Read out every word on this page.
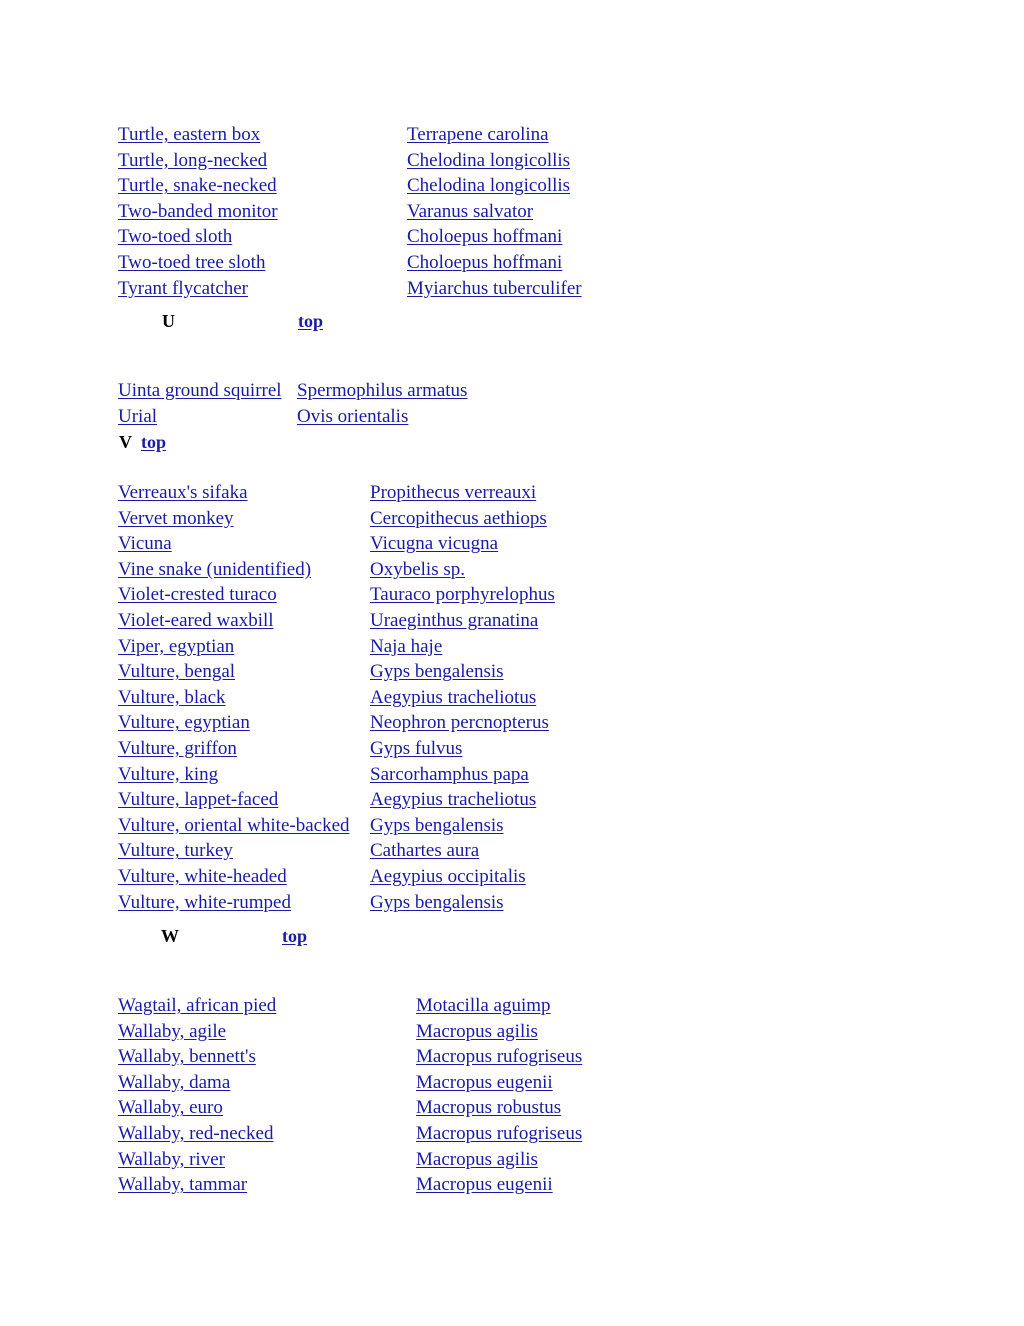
Turtle, eastern box	Terrapene carolina
Turtle, long-necked	Chelodina longicollis
Turtle, snake-necked	Chelodina longicollis
Two-banded monitor	Varanus salvator
Two-toed sloth	Choloepus hoffmani
Two-toed tree sloth	Choloepus hoffmani
Tyrant flycatcher	Myiarchus tuberculifer
U	top
Uinta ground squirrel Spermophilus armatus
Urial	Ovis orientalis
V top
Verreaux's sifaka	Propithecus verreauxi
Vervet monkey	Cercopithecus aethiops
Vicuna	Vicugna vicugna
Vine snake (unidentified)	Oxybelis sp.
Violet-crested turaco	Tauraco porphyrelophus
Violet-eared waxbill	Uraeginthus granatina
Viper, egyptian	Naja haje
Vulture, bengal	Gyps bengalensis
Vulture, black	Aegypius tracheliotus
Vulture, egyptian	Neophron percnopterus
Vulture, griffon	Gyps fulvus
Vulture, king	Sarcorhamphus papa
Vulture, lappet-faced	Aegypius tracheliotus
Vulture, oriental white-backed Gyps bengalensis
Vulture, turkey	Cathartes aura
Vulture, white-headed	Aegypius occipitalis
Vulture, white-rumped	Gyps bengalensis
W	top
Wagtail, african pied	Motacilla aguimp
Wallaby, agile	Macropus agilis
Wallaby, bennett's	Macropus rufogriseus
Wallaby, dama	Macropus eugenii
Wallaby, euro	Macropus robustus
Wallaby, red-necked	Macropus rufogriseus
Wallaby, river	Macropus agilis
Wallaby, tammar	Macropus eugenii
